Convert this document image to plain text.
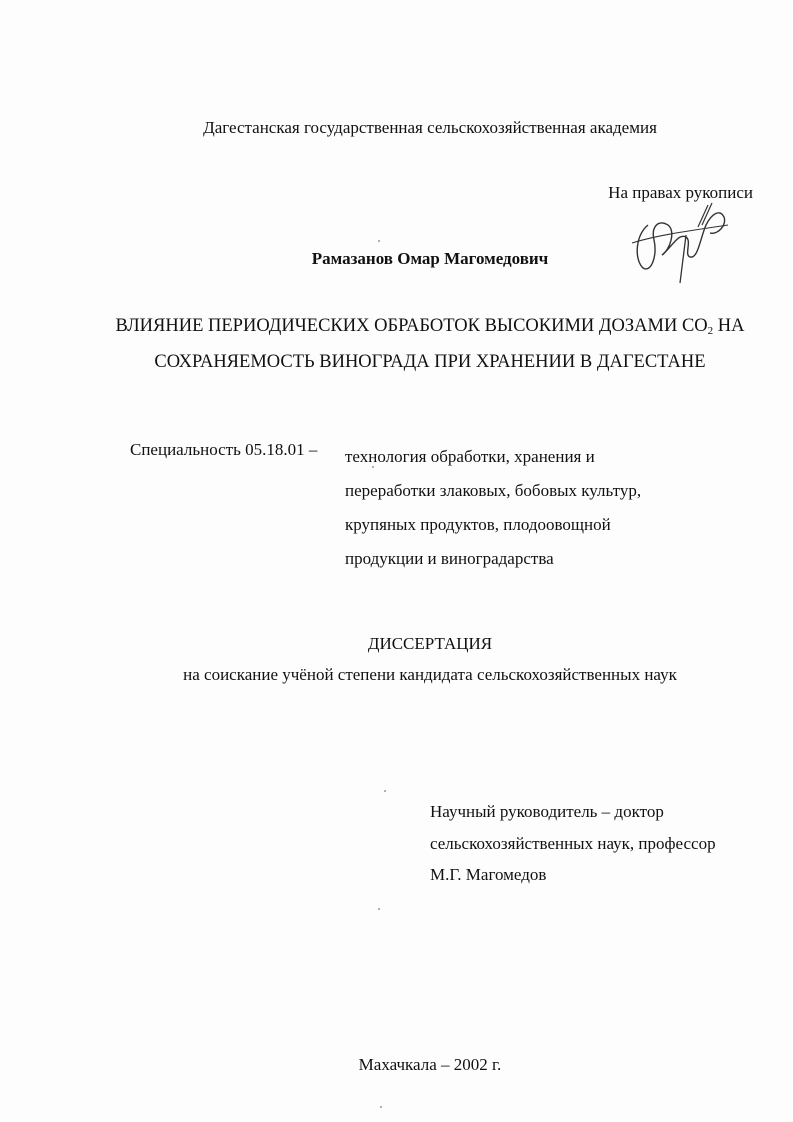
Дагестанская государственная сельскохозяйственная академия
На правах рукописи
Рамазанов Омар Магомедович
ВЛИЯНИЕ ПЕРИОДИЧЕСКИХ ОБРАБОТОК ВЫСОКИМИ ДОЗАМИ $CO_2$ НА
СОХРАНЯЕМОСТЬ ВИНОГРАДА ПРИ ХРАНЕНИИ В ДАГЕСТАНЕ
Специальность 05.18.01 – технология обработки, хранения и
переработки злаковых, бобовых культур,
крупяных продуктов, плодоовощной
продукции и виноградарства
ДИССЕРТАЦИЯ
на соискание учёной степени кандидата сельскохозяйственных наук
Научный руководитель – доктор
сельскохозяйственных наук, профессор
М.Г. Магомедов
Махачкала – 2002 г.
